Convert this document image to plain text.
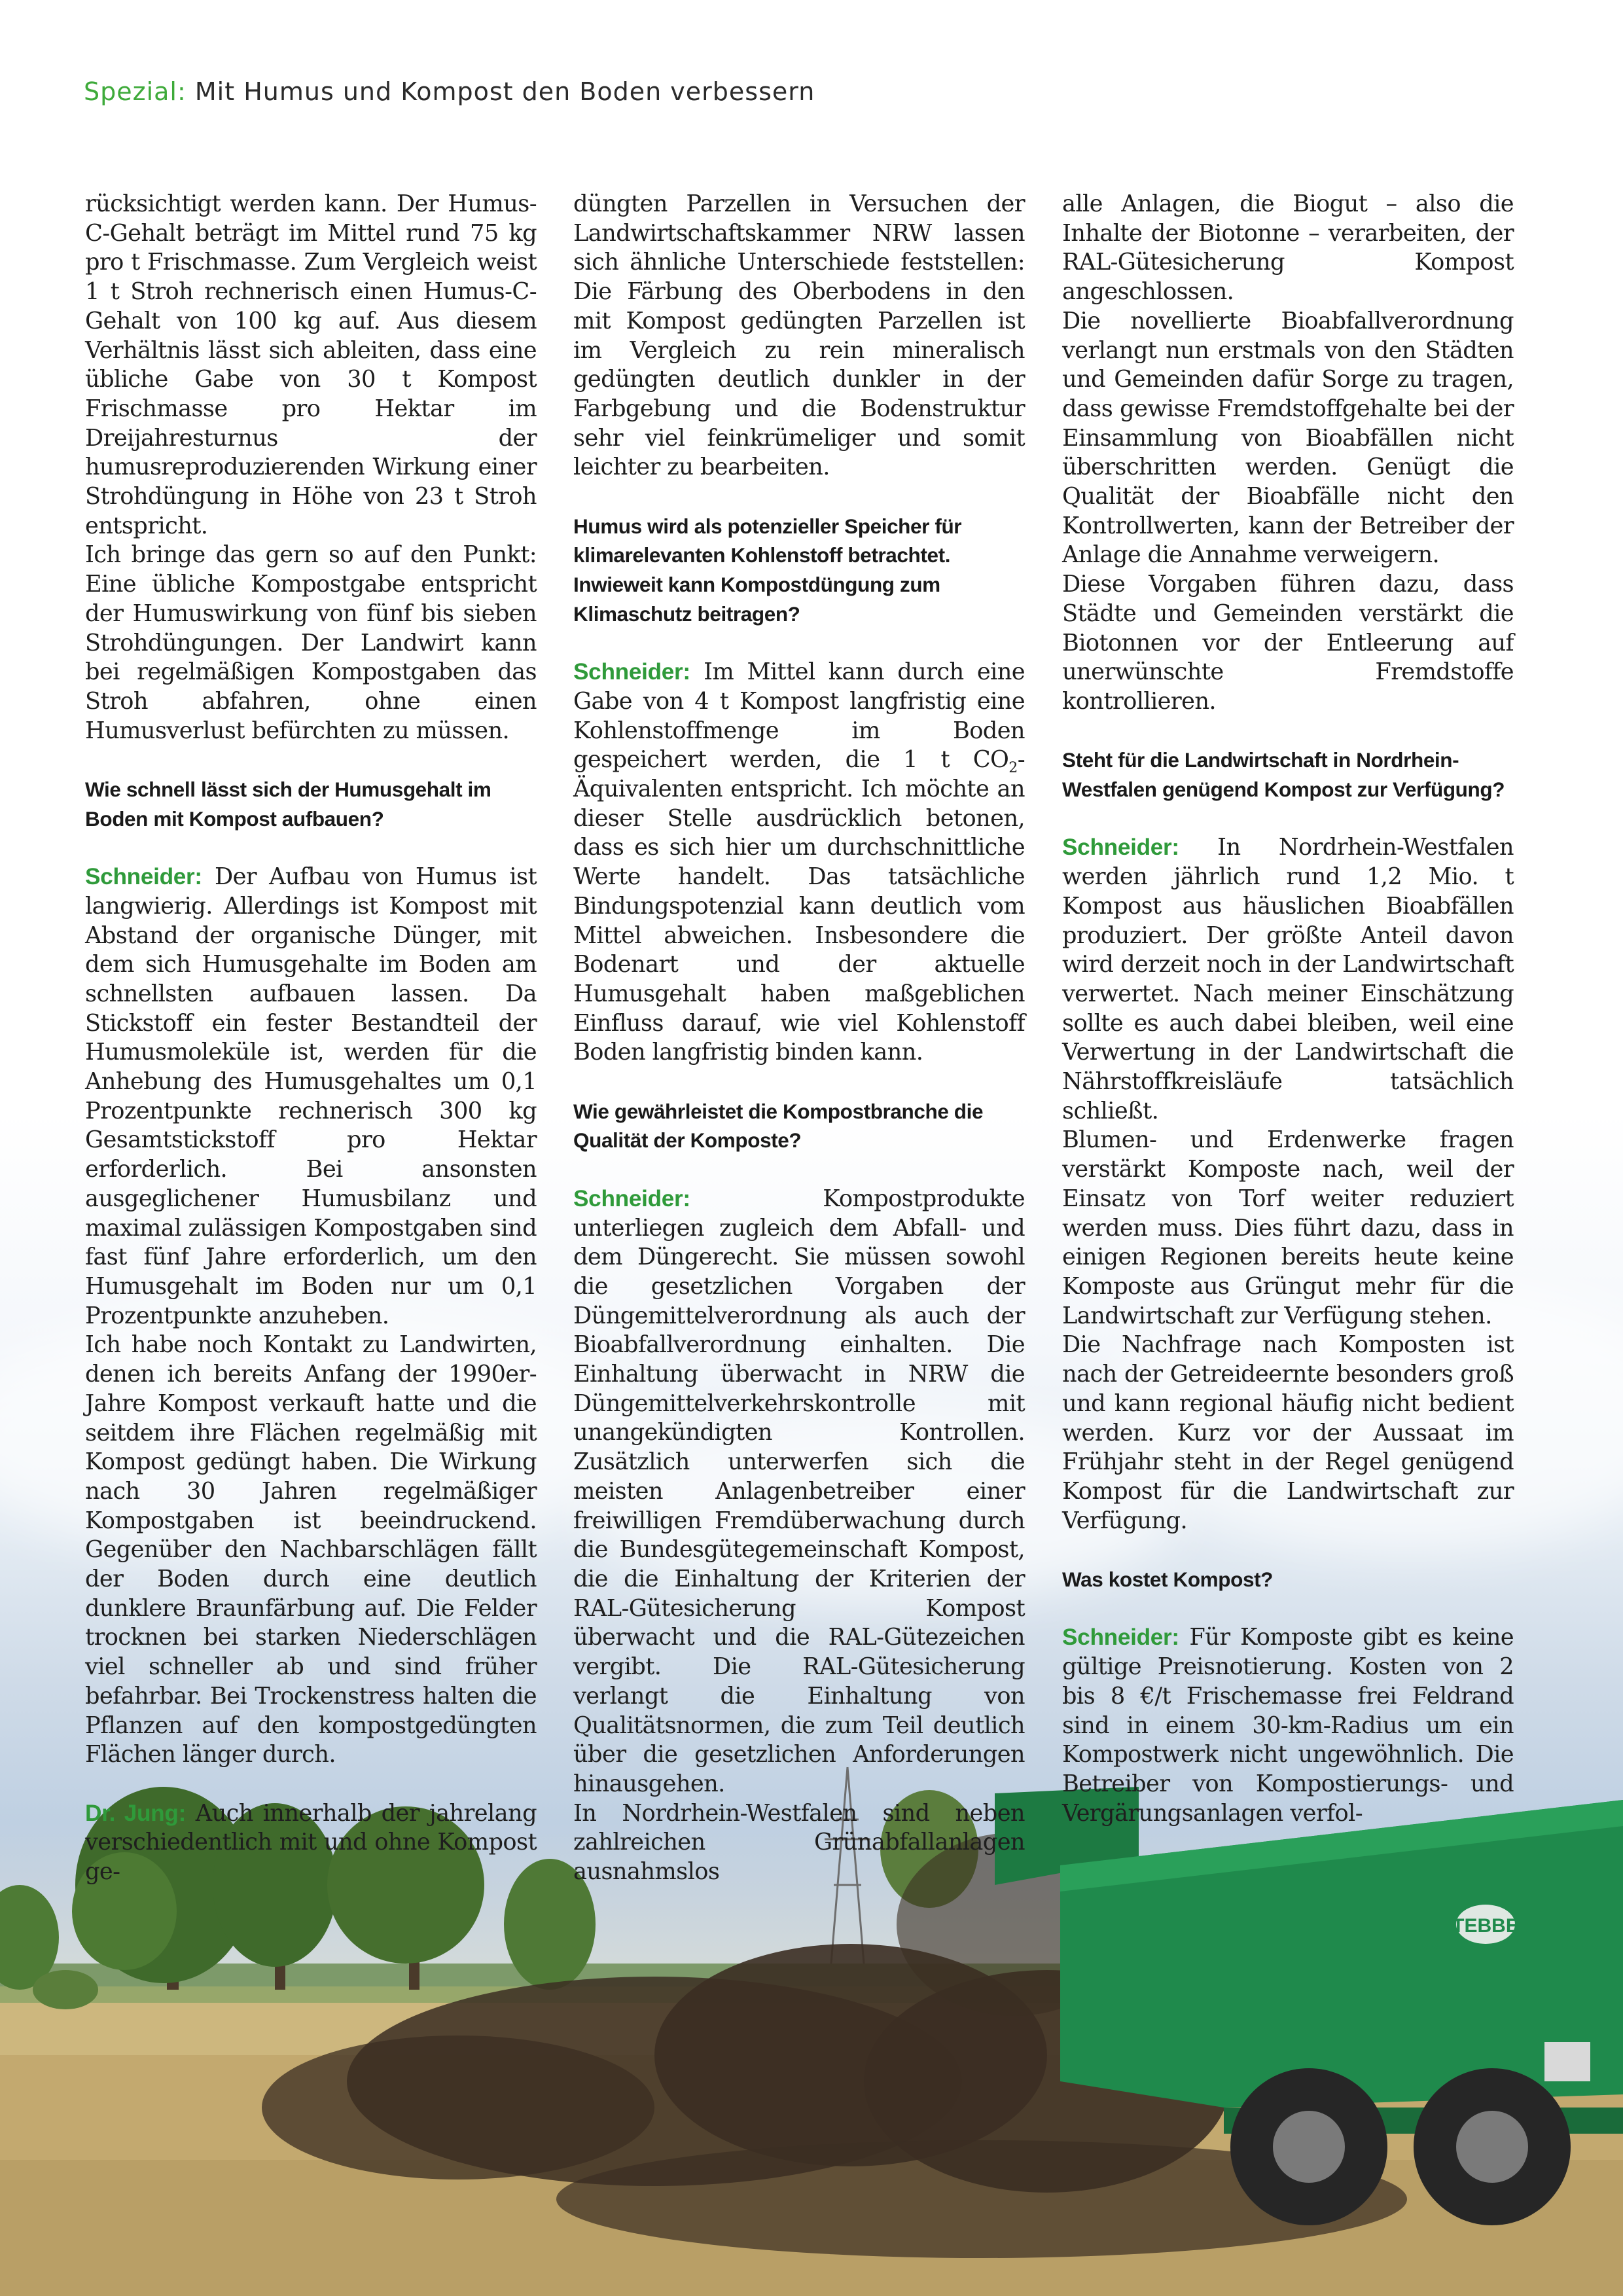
TEBBE
Spezial: Mit Humus und Kompost den Boden verbessern

rücksichtigt werden kann. Der Humus-C-Gehalt beträgt im Mittel rund 75 kg pro t Frischmasse. Zum Vergleich weist 1 t Stroh rechnerisch einen Humus-C-Gehalt von 100 kg auf. Aus diesem Verhältnis lässt sich ableiten, dass eine übliche Gabe von 30 t Kompost Frischmasse pro Hektar im Dreijahresturnus der humusreproduzierenden Wirkung einer Strohdüngung in Höhe von 23 t Stroh entspricht.

Ich bringe das gern so auf den Punkt: Eine übliche Kompostgabe entspricht der Humuswirkung von fünf bis sieben Strohdüngungen. Der Landwirt kann bei regelmäßigen Kompostgaben das Stroh abfahren, ohne einen Humusverlust befürchten zu müssen.

Wie schnell lässt sich der Humusgehalt im Boden mit Kompost aufbauen?

Schneider: Der Aufbau von Humus ist langwierig. Allerdings ist Kompost mit Abstand der organische Dünger, mit dem sich Humusgehalte im Boden am schnellsten aufbauen lassen. Da Stickstoff ein fester Bestandteil der Humusmoleküle ist, werden für die Anhebung des Humusgehaltes um 0,1 Prozentpunkte rechnerisch 300 kg Gesamtstickstoff pro Hektar erforderlich. Bei ansonsten ausgeglichener Humusbilanz und maximal zulässigen Kompostgaben sind fast fünf Jahre erforderlich, um den Humusgehalt im Boden nur um 0,1 Prozentpunkte anzuheben.

Ich habe noch Kontakt zu Landwirten, denen ich bereits Anfang der 1990er-Jahre Kompost verkauft hatte und die seitdem ihre Flächen regelmäßig mit Kompost gedüngt haben. Die Wirkung nach 30 Jahren regelmäßiger Kompostgaben ist beeindruckend. Gegenüber den Nachbarschlägen fällt der Boden durch eine deutlich dunklere Braunfärbung auf. Die Felder trocknen bei starken Niederschlägen viel schneller ab und sind früher befahrbar. Bei Trockenstress halten die Pflanzen auf den kompostgedüngten Flächen länger durch.

Dr. Jung: Auch innerhalb der jahrelang verschiedentlich mit und ohne Kompost ge-

düngten Parzellen in Versuchen der Landwirtschaftskammer NRW lassen sich ähnliche Unterschiede feststellen: Die Färbung des Oberbodens in den mit Kompost gedüngten Parzellen ist im Vergleich zu rein mineralisch gedüngten deutlich dunkler in der Farbgebung und die Bodenstruktur sehr viel feinkrümeliger und somit leichter zu bearbeiten.

Humus wird als potenzieller Speicher für klimarelevanten Kohlenstoff betrachtet. Inwieweit kann Kompostdüngung zum Klimaschutz beitragen?

Schneider: Im Mittel kann durch eine Gabe von 4 t Kompost langfristig eine Kohlenstoffmenge im Boden gespeichert werden, die 1 t $CO_2$-Äquivalenten entspricht. Ich möchte an dieser Stelle ausdrücklich betonen, dass es sich hier um durchschnittliche Werte handelt. Das tatsächliche Bindungspotenzial kann deutlich vom Mittel abweichen. Insbesondere die Bodenart und der aktuelle Humusgehalt haben maßgeblichen Einfluss darauf, wie viel Kohlenstoff Boden langfristig binden kann.

Wie gewährleistet die Kompostbranche die Qualität der Komposte?

Schneider:	Kompostprodukte unterliegen zugleich dem Abfall- und dem Düngerecht. Sie müssen sowohl die gesetzlichen Vorgaben der Düngemittelverordnung als auch der Bioabfallverordnung einhalten. Die Einhaltung überwacht in NRW die Düngemittelverkehrskontrolle mit unangekündigten Kontrollen. Zusätzlich unterwerfen sich die meisten Anlagenbetreiber einer freiwilligen Fremdüberwachung durch die Bundesgütegemeinschaft Kompost, die die Einhaltung der Kriterien der RAL-Gütesicherung Kompost überwacht und die RAL-Gütezeichen vergibt. Die RAL-Gütesicherung verlangt die Einhaltung von Qualitätsnormen, die zum Teil deutlich über die gesetzlichen Anforderungen hinausgehen.

In Nordrhein-Westfalen sind neben zahlreichen Grünabfallanlagen ausnahmslos

alle Anlagen, die Biogut – also die Inhalte der Biotonne – verarbeiten, der RAL-Gütesicherung Kompost angeschlossen.

Die novellierte Bioabfallverordnung verlangt nun erstmals von den Städten und Gemeinden dafür Sorge zu tragen, dass gewisse Fremdstoffgehalte bei der Einsammlung von Bioabfällen nicht überschritten werden. Genügt die Qualität der Bioabfälle nicht den Kontrollwerten, kann der Betreiber der Anlage die Annahme verweigern.

Diese Vorgaben führen dazu, dass Städte und Gemeinden verstärkt die Biotonnen vor der Entleerung auf unerwünschte Fremdstoffe kontrollieren.

Steht für die Landwirtschaft in Nordrhein-Westfalen genügend Kompost zur Verfügung?

Schneider: In Nordrhein-Westfalen werden jährlich rund 1,2 Mio. t Kompost aus häuslichen Bioabfällen produziert. Der größte Anteil davon wird derzeit noch in der Landwirtschaft verwertet. Nach meiner Einschätzung sollte es auch dabei bleiben, weil eine Verwertung in der Landwirtschaft die Nährstoffkreisläufe tatsächlich schließt.

Blumen- und Erdenwerke fragen verstärkt Komposte nach, weil der Einsatz von Torf weiter reduziert werden muss. Dies führt dazu, dass in einigen Regionen bereits heute keine Komposte aus Grüngut mehr für die Landwirtschaft zur Verfügung stehen.

Die Nachfrage nach Komposten ist nach der Getreideernte besonders groß und kann regional häufig nicht bedient werden. Kurz vor der Aussaat im Frühjahr steht in der Regel genügend Kompost für die Landwirtschaft zur Verfügung.

Was kostet Kompost?

Schneider: Für Komposte gibt es keine gültige Preisnotierung. Kosten von 2 bis 8 €/t Frischemasse frei Feldrand sind in einem 30-km-Radius um ein Kompostwerk nicht ungewöhnlich. Die Betreiber von Kompostierungs- und Vergärungsanlagen verfol-
